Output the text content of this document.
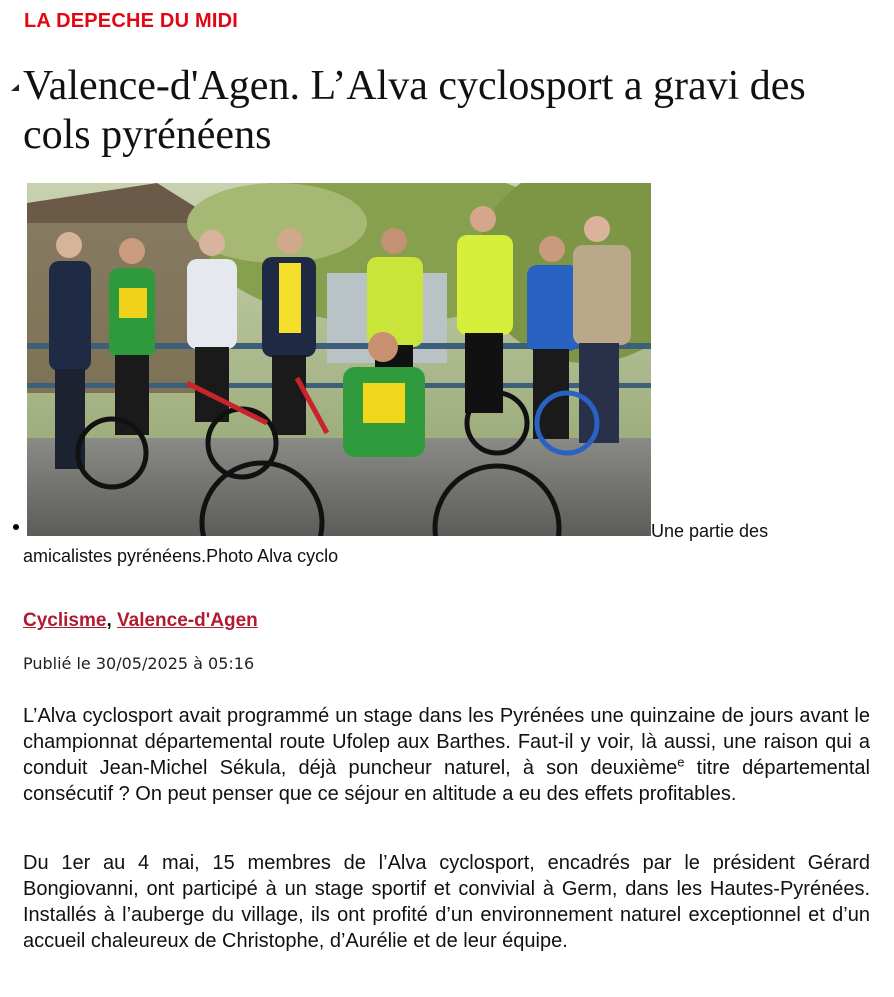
LA DEPECHE DU MIDI
Valence-d'Agen. L’Alva cyclosport a gravi des cols pyrénéens

Une partie des amicalistes pyrénéens.Photo Alva cyclo

Cyclisme, Valence-d'Agen
Publié le 30/05/2025 à 05:16

L’Alva cyclosport avait programmé un stage dans les Pyrénées une quinzaine de jours avant le championnat départemental route Ufolep aux Barthes. Faut-il y voir, là aussi, une raison qui a conduit Jean-Michel Sékula, déjà puncheur naturel, à son deuxième$^e$ titre départemental consécutif ? On peut penser que ce séjour en altitude a eu des effets profitables.

Du 1er au 4 mai, 15 membres de l’Alva cyclosport, encadrés par le président Gérard Bongiovanni, ont participé à un stage sportif et convivial à Germ, dans les Hautes-Pyrénées. Installés à l’auberge du village, ils ont profité d’un environnement naturel exceptionnel et d’un accueil chaleureux de Christophe, d’Aurélie et de leur équipe.
